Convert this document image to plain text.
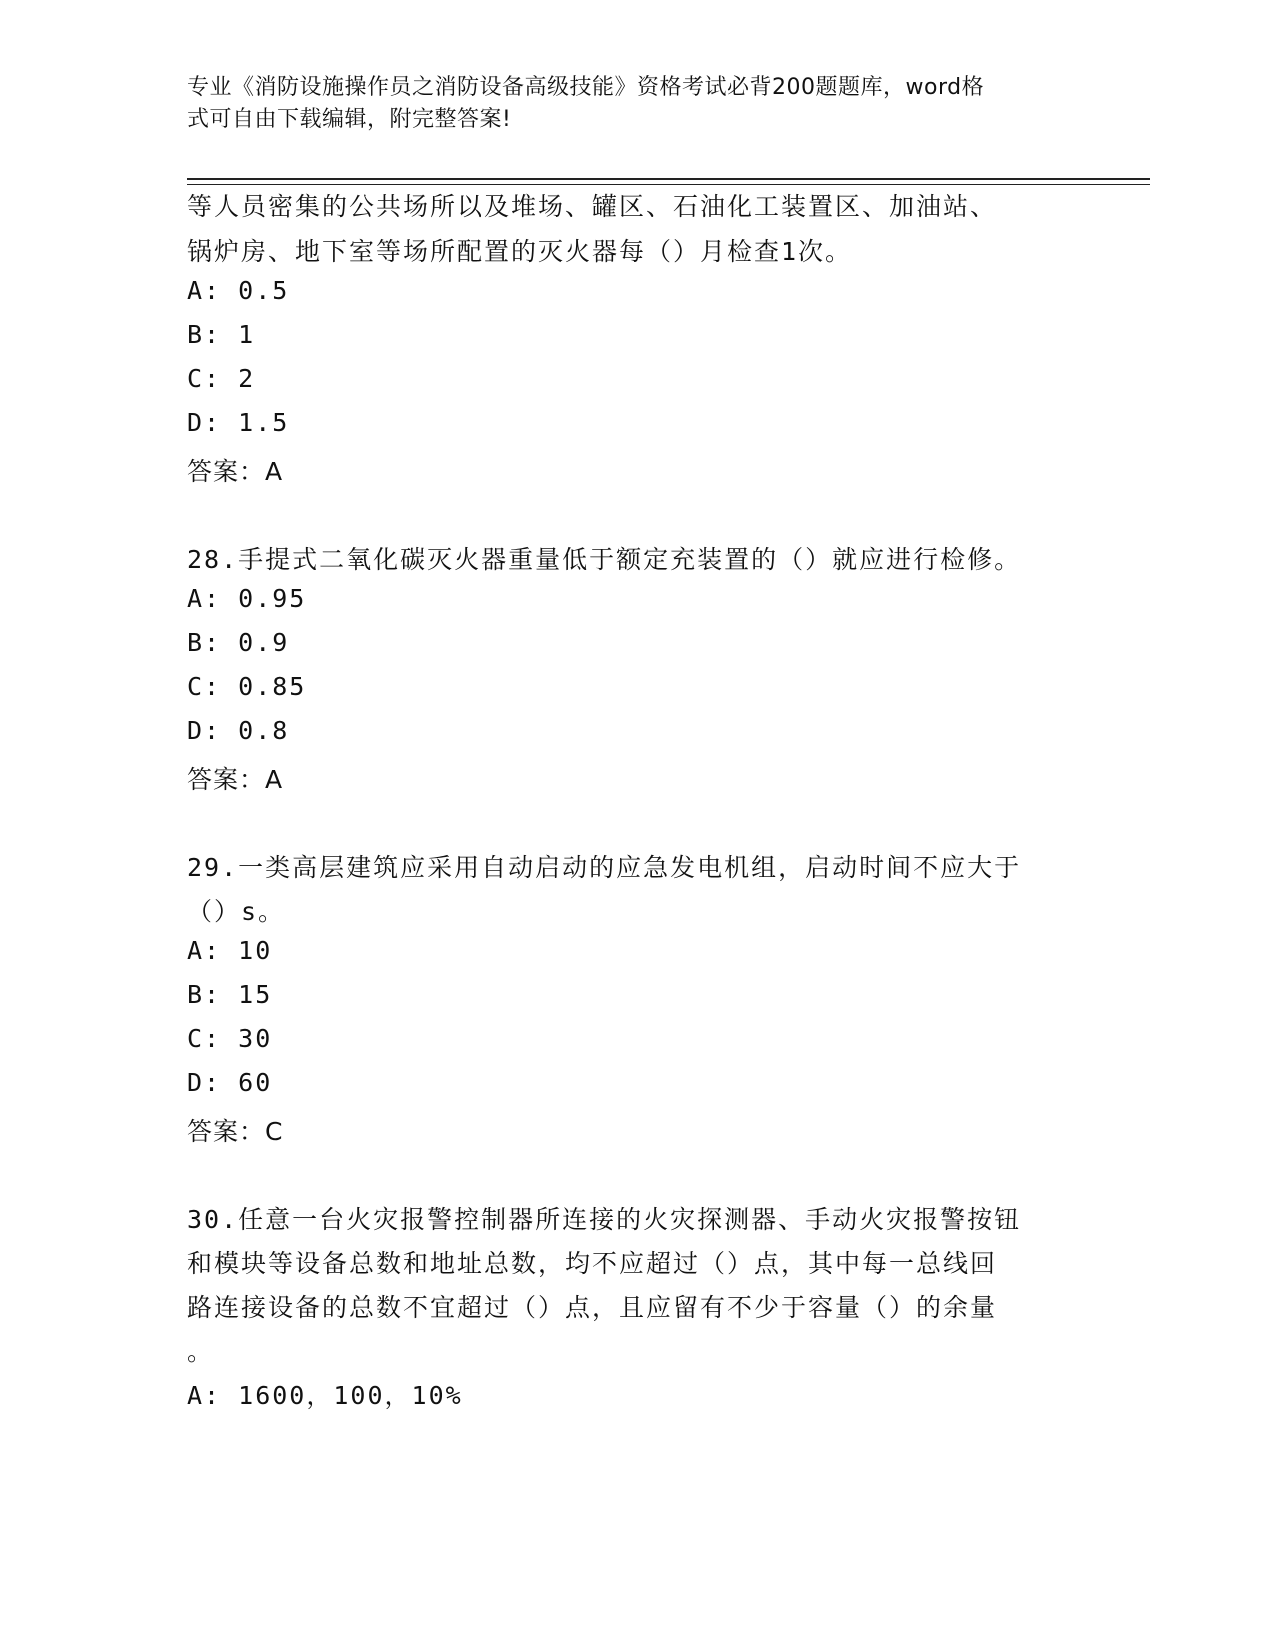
专业《消防设施操作员之消防设备高级技能》资格考试必背200题题库，word格
式可自由下载编辑，附完整答案!
等人员密集的公共场所以及堆场、罐区、石油化工装置区、加油站、
锅炉房、地下室等场所配置的灭火器每（）月检查1次。
A: 0.5
B: 1
C: 2
D: 1.5
答案：A
28.手提式二氧化碳灭火器重量低于额定充装置的（）就应进行检修。
A: 0.95
B: 0.9
C: 0.85
D: 0.8
答案：A
29.一类高层建筑应采用自动启动的应急发电机组，启动时间不应大于
（）s。
A: 10
B: 15
C: 30
D: 60
答案：C
30.任意一台火灾报警控制器所连接的火灾探测器、手动火灾报警按钮
和模块等设备总数和地址总数，均不应超过（）点，其中每一总线回
路连接设备的总数不宜超过（）点，且应留有不少于容量（）的余量
。
A: 1600，100，10%
